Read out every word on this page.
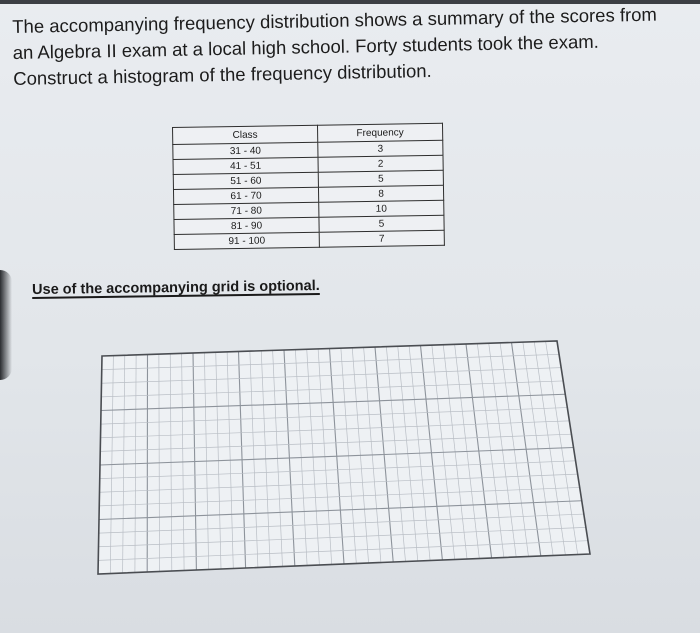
The accompanying frequency distribution shows a summary of the scores from an Algebra II exam at a local high school. Forty students took the exam. Construct a histogram of the frequency distribution.
Class	Frequency
31 - 40	3
41 - 51	2
51 - 60	5
61 - 70	8
71 - 80	10
81 - 90	5
91 - 100	7
Use of the accompanying grid is optional.
